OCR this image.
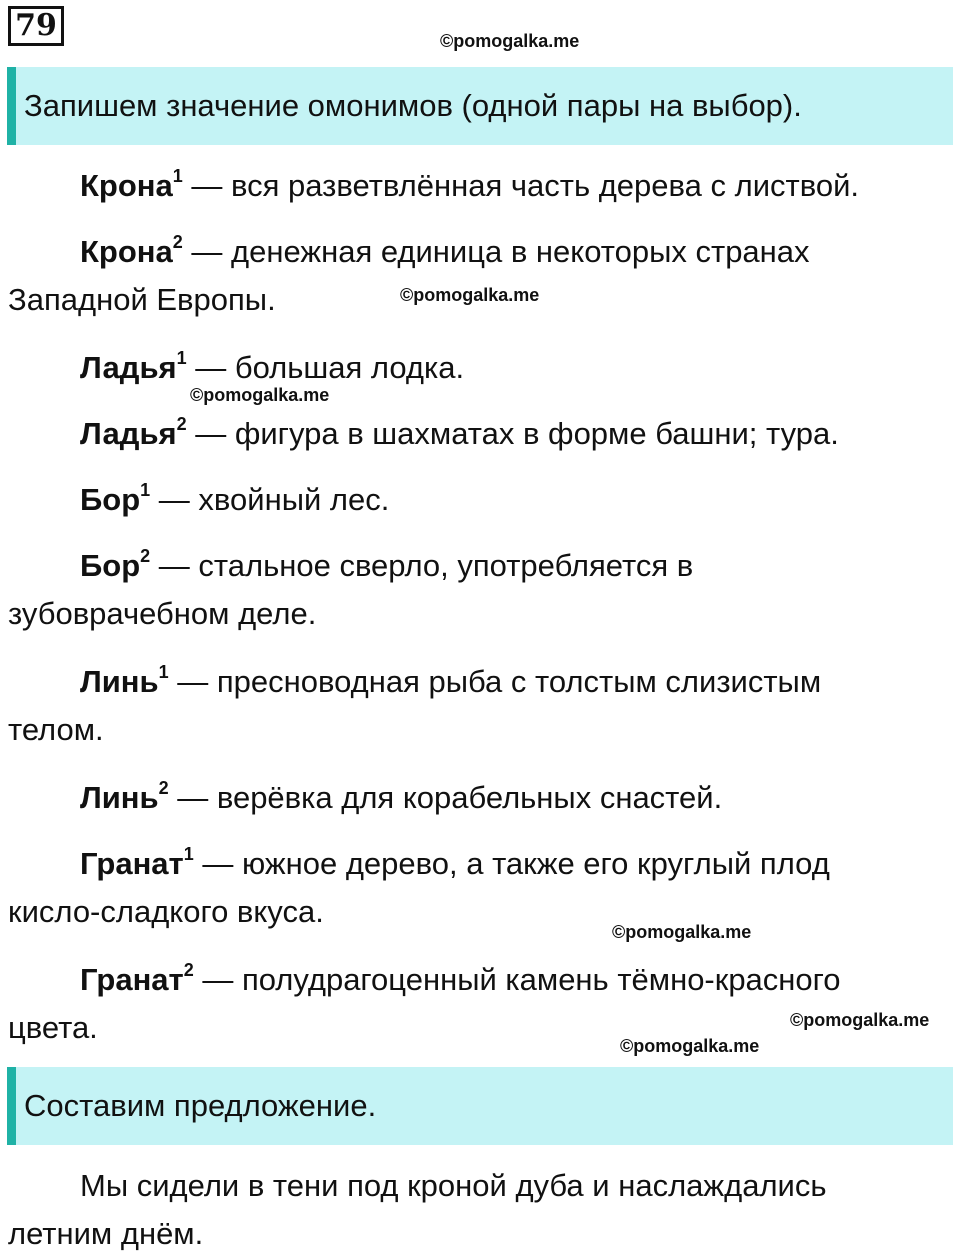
79	©pomogalka.me
Запишем значение омонимов (одной пары на выбор).
Крона$^1$ — вся разветвлённая часть дерева с листвой.
Крона$^2$ — денежная единица в некоторых странах
Западной Европы.	©pomogalka.me
Ладья$^1$ — большая лодка.
©pomogalka.me
Ладья$^2$ — фигура в шахматах в форме башни; тура.
Бор$^1$ — хвойный лес.
Бор$^2$ — стальное сверло, употребляется в
зубоврачебном деле.
Линь$^1$ — пресноводная рыба с толстым слизистым
телом.
Линь$^2$ — верёвка для корабельных снастей.
Гранат$^1$ — южное дерево, а также его круглый плод
кисло-сладкого вкуса.
©pomogalka.me
Гранат$^2$ — полудрагоценный камень тёмно-красного
цвета.	©pomogalka.me
©pomogalka.me
Составим предложение.
Мы сидели в тени под кроной дуба и наслаждались
летним днём.
